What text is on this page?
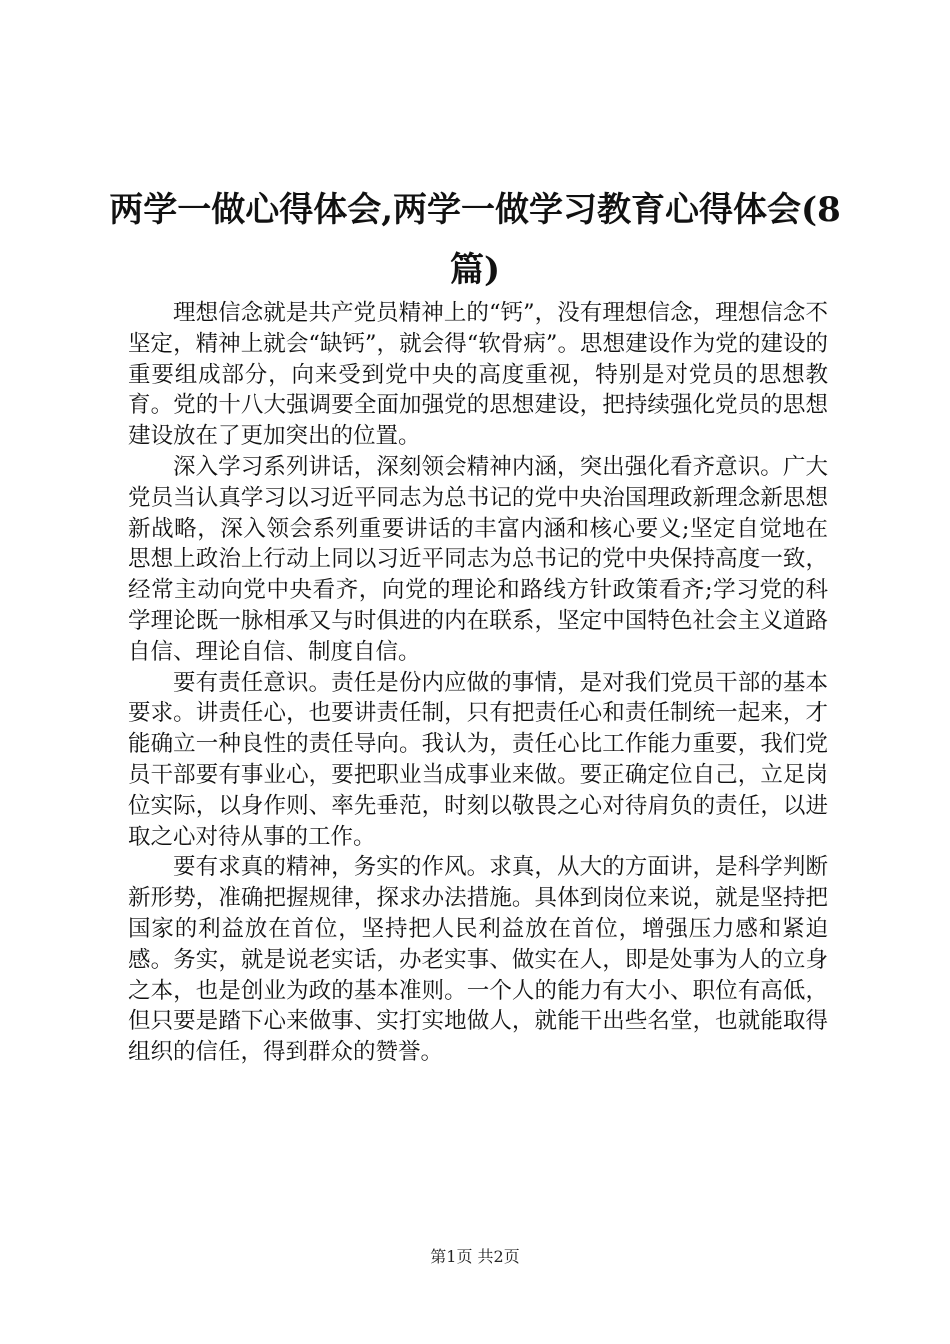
两学一做心得体会,两学一做学习教育心得体会(8篇)

理想信念就是共产党员精神上的“钙”，没有理想信念，理想信念不坚定，精神上就会“缺钙”，就会得“软骨病”。思想建设作为党的建设的重要组成部分，向来受到党中央的高度重视，特别是对党员的思想教育。党的十八大强调要全面加强党的思想建设，把持续强化党员的思想建设放在了更加突出的位置。

深入学习系列讲话，深刻领会精神内涵，突出强化看齐意识。广大党员当认真学习以习近平同志为总书记的党中央治国理政新理念新思想新战略，深入领会系列重要讲话的丰富内涵和核心要义;坚定自觉地在思想上政治上行动上同以习近平同志为总书记的党中央保持高度一致，经常主动向党中央看齐，向党的理论和路线方针政策看齐;学习党的科学理论既一脉相承又与时俱进的内在联系，坚定中国特色社会主义道路自信、理论自信、制度自信。

要有责任意识。责任是份内应做的事情，是对我们党员干部的基本要求。讲责任心，也要讲责任制，只有把责任心和责任制统一起来，才能确立一种良性的责任导向。我认为，责任心比工作能力重要，我们党员干部要有事业心，要把职业当成事业来做。要正确定位自己，立足岗位实际，以身作则、率先垂范，时刻以敬畏之心对待肩负的责任，以进取之心对待从事的工作。

要有求真的精神，务实的作风。求真，从大的方面讲，是科学判断新形势，准确把握规律，探求办法措施。具体到岗位来说，就是坚持把国家的利益放在首位，坚持把人民利益放在首位，增强压力感和紧迫感。务实，就是说老实话，办老实事、做实在人，即是处事为人的立身之本，也是创业为政的基本准则。一个人的能力有大小、职位有高低，但只要是踏下心来做事、实打实地做人，就能干出些名堂，也就能取得组织的信任，得到群众的赞誉。

第1页 共2页
